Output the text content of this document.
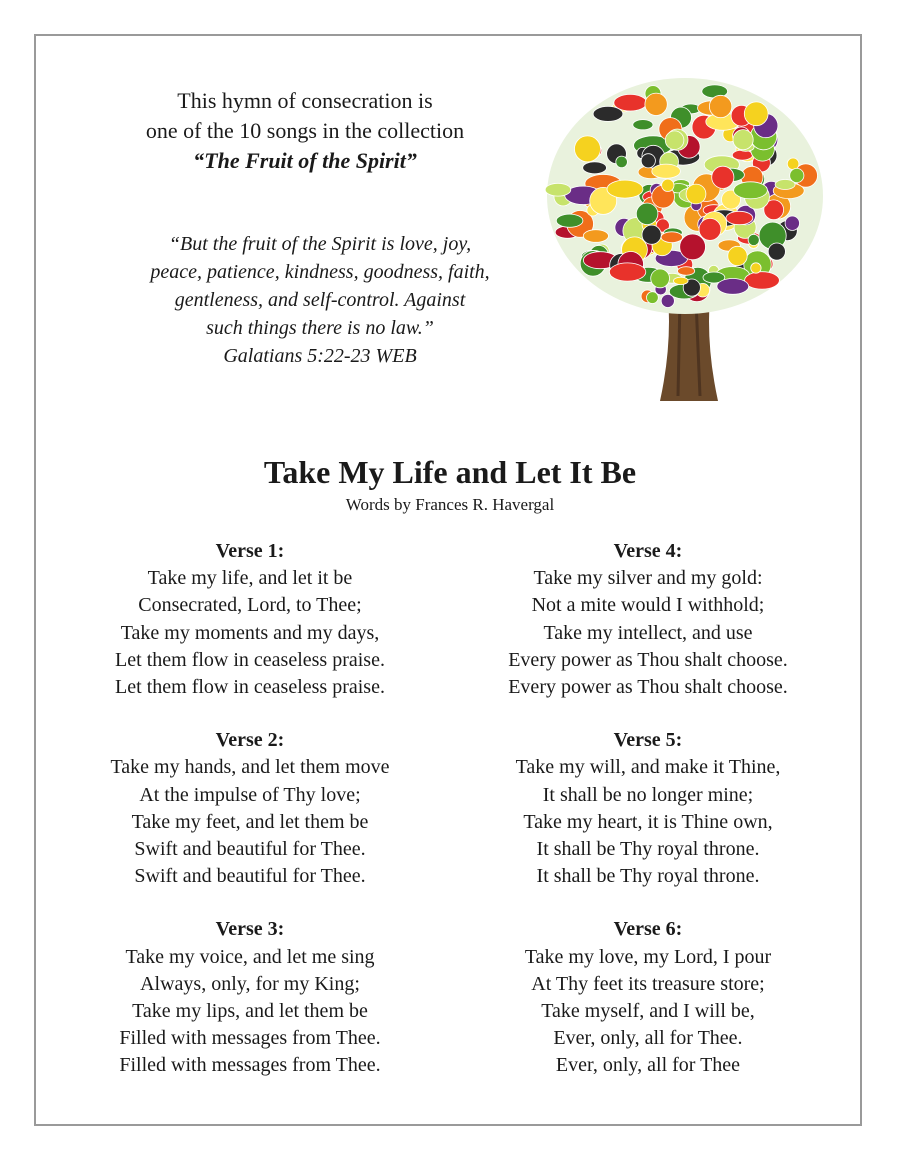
This hymn of consecration is
one of the 10 songs in the collection
“The Fruit of the Spirit”
“But the fruit of the Spirit is love, joy,
peace, patience, kindness, goodness, faith,
gentleness, and self-control. Against
such things there is no law.”
Galatians 5:22-23 WEB
Take My Life and Let It Be
Words by Frances R. Havergal
Verse 1:
Take my life, and let it be
Consecrated, Lord, to Thee;
Take my moments and my days,
Let them flow in ceaseless praise.
Let them flow in ceaseless praise.
Verse 2:
Take my hands, and let them move
At the impulse of Thy love;
Take my feet, and let them be
Swift and beautiful for Thee.
Swift and beautiful for Thee.
Verse 3:
Take my voice, and let me sing
Always, only, for my King;
Take my lips, and let them be
Filled with messages from Thee.
Filled with messages from Thee.
Verse 4:
Take my silver and my gold:
Not a mite would I withhold;
Take my intellect, and use
Every power as Thou shalt choose.
Every power as Thou shalt choose.
Verse 5:
Take my will, and make it Thine,
It shall be no longer mine;
Take my heart, it is Thine own,
It shall be Thy royal throne.
It shall be Thy royal throne.
Verse 6:
Take my love, my Lord, I pour
At Thy feet its treasure store;
Take myself, and I will be,
Ever, only, all for Thee.
Ever, only, all for Thee
